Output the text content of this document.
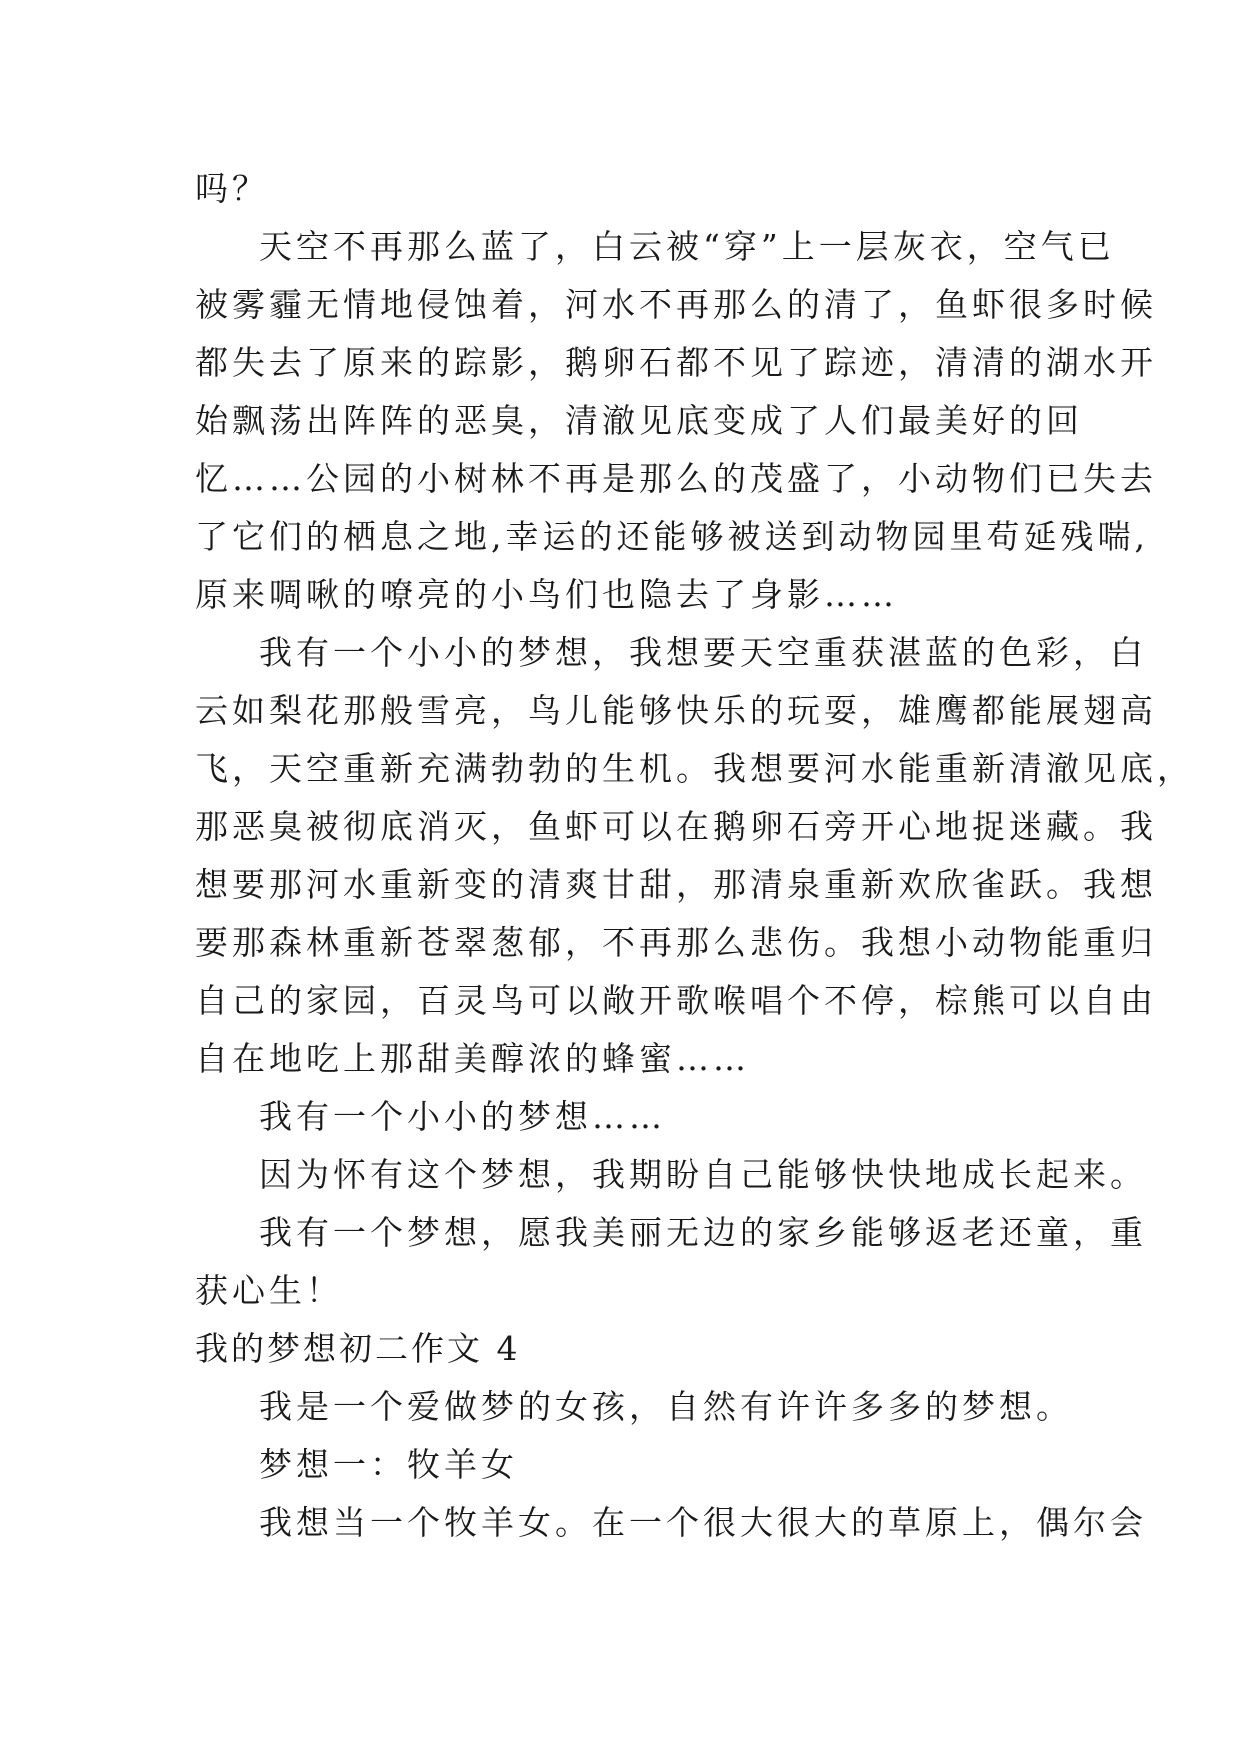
吗？
天空不再那么蓝了，白云被“穿”上一层灰衣，空气已
被雾霾无情地侵蚀着，河水不再那么的清了，鱼虾很多时候
都失去了原来的踪影，鹅卵石都不见了踪迹，清清的湖水开
始飘荡出阵阵的恶臭，清澈见底变成了人们最美好的回
忆……公园的小树林不再是那么的茂盛了，小动物们已失去
了它们的栖息之地,幸运的还能够被送到动物园里苟延残喘,
原来啁啾的嘹亮的小鸟们也隐去了身影……
我有一个小小的梦想，我想要天空重获湛蓝的色彩，白
云如梨花那般雪亮，鸟儿能够快乐的玩耍，雄鹰都能展翅高
飞，天空重新充满勃勃的生机。我想要河水能重新清澈见底，
那恶臭被彻底消灭，鱼虾可以在鹅卵石旁开心地捉迷藏。我
想要那河水重新变的清爽甘甜，那清泉重新欢欣雀跃。我想
要那森林重新苍翠葱郁，不再那么悲伤。我想小动物能重归
自己的家园，百灵鸟可以敞开歌喉唱个不停，棕熊可以自由
自在地吃上那甜美醇浓的蜂蜜……
我有一个小小的梦想……
因为怀有这个梦想，我期盼自己能够快快地成长起来。
我有一个梦想，愿我美丽无边的家乡能够返老还童，重
获心生！
我的梦想初二作文 4
我是一个爱做梦的女孩，自然有许许多多的梦想。
梦想一：牧羊女
我想当一个牧羊女。在一个很大很大的草原上，偶尔会
